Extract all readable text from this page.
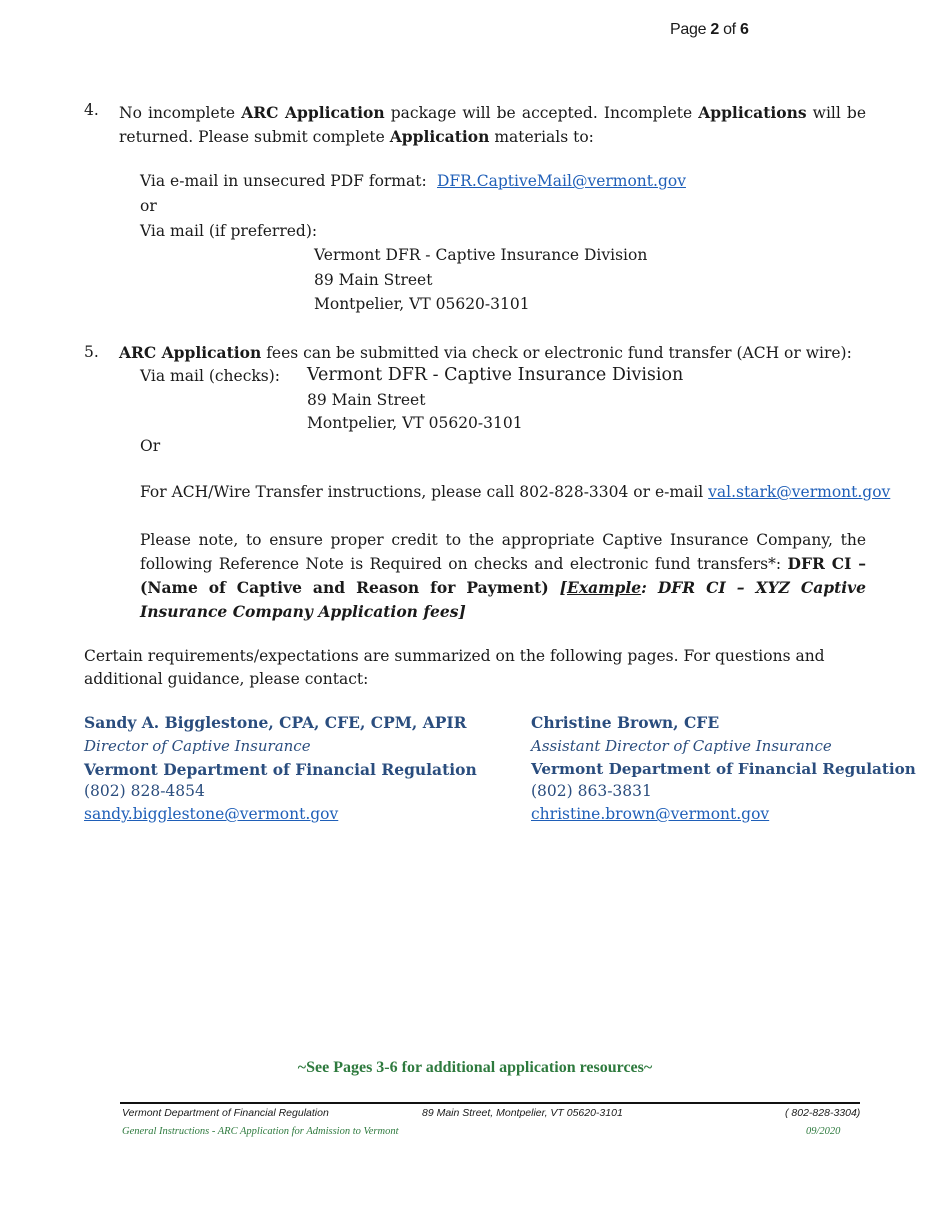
Page 2 of 6
4. No incomplete ARC Application package will be accepted. Incomplete Applications will be returned. Please submit complete Application materials to:
Via e-mail in unsecured PDF format: DFR.CaptiveMail@vermont.gov
or
Via mail (if preferred):
Vermont DFR - Captive Insurance Division
89 Main Street
Montpelier, VT 05620-3101
5. ARC Application fees can be submitted via check or electronic fund transfer (ACH or wire):
Via mail (checks): Vermont DFR - Captive Insurance Division
89 Main Street
Montpelier, VT 05620-3101
Or
For ACH/Wire Transfer instructions, please call 802-828-3304 or e-mail val.stark@vermont.gov
Please note, to ensure proper credit to the appropriate Captive Insurance Company, the following Reference Note is Required on checks and electronic fund transfers*: DFR CI – (Name of Captive and Reason for Payment) [Example: DFR CI – XYZ Captive Insurance Company Application fees]
Certain requirements/expectations are summarized on the following pages. For questions and additional guidance, please contact:
Sandy A. Bigglestone, CPA, CFE, CPM, APIR
Director of Captive Insurance
Vermont Department of Financial Regulation
(802) 828-4854
sandy.bigglestone@vermont.gov
Christine Brown, CFE
Assistant Director of Captive Insurance
Vermont Department of Financial Regulation
(802) 863-3831
christine.brown@vermont.gov
~See Pages 3-6 for additional application resources~
Vermont Department of Financial Regulation	89 Main Street, Montpelier, VT 05620-3101	( 802-828-3304)
General Instructions - ARC Application for Admission to Vermont	09/2020
